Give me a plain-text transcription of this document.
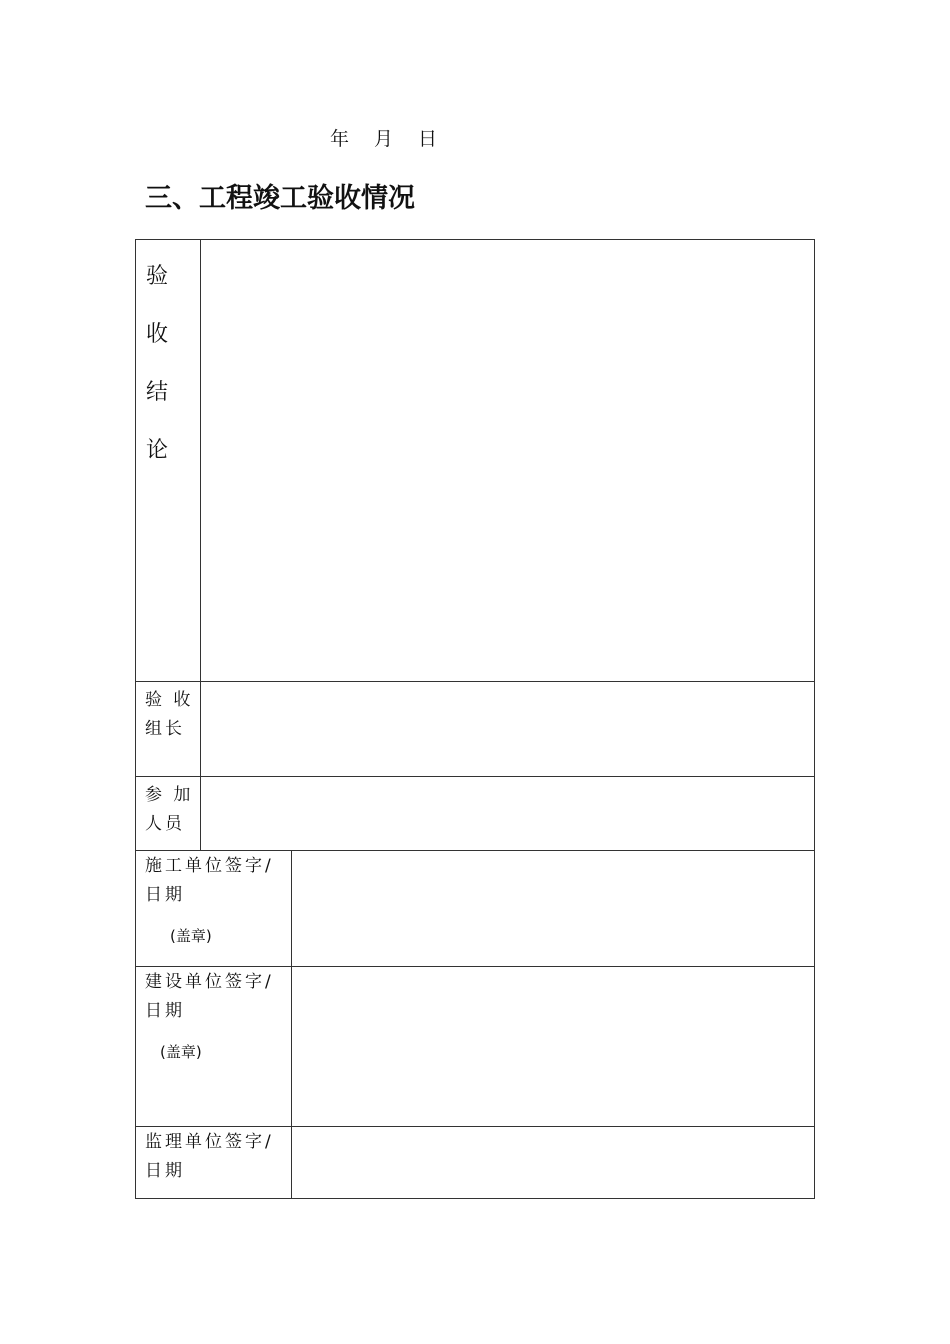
年 月 日
三、工程竣工验收情况
验
收
结
论
验 收组长
参 加人员
施工单位签字/日期
(盖章)
建设单位签字/日期
(盖章)
监理单位签字/日期
